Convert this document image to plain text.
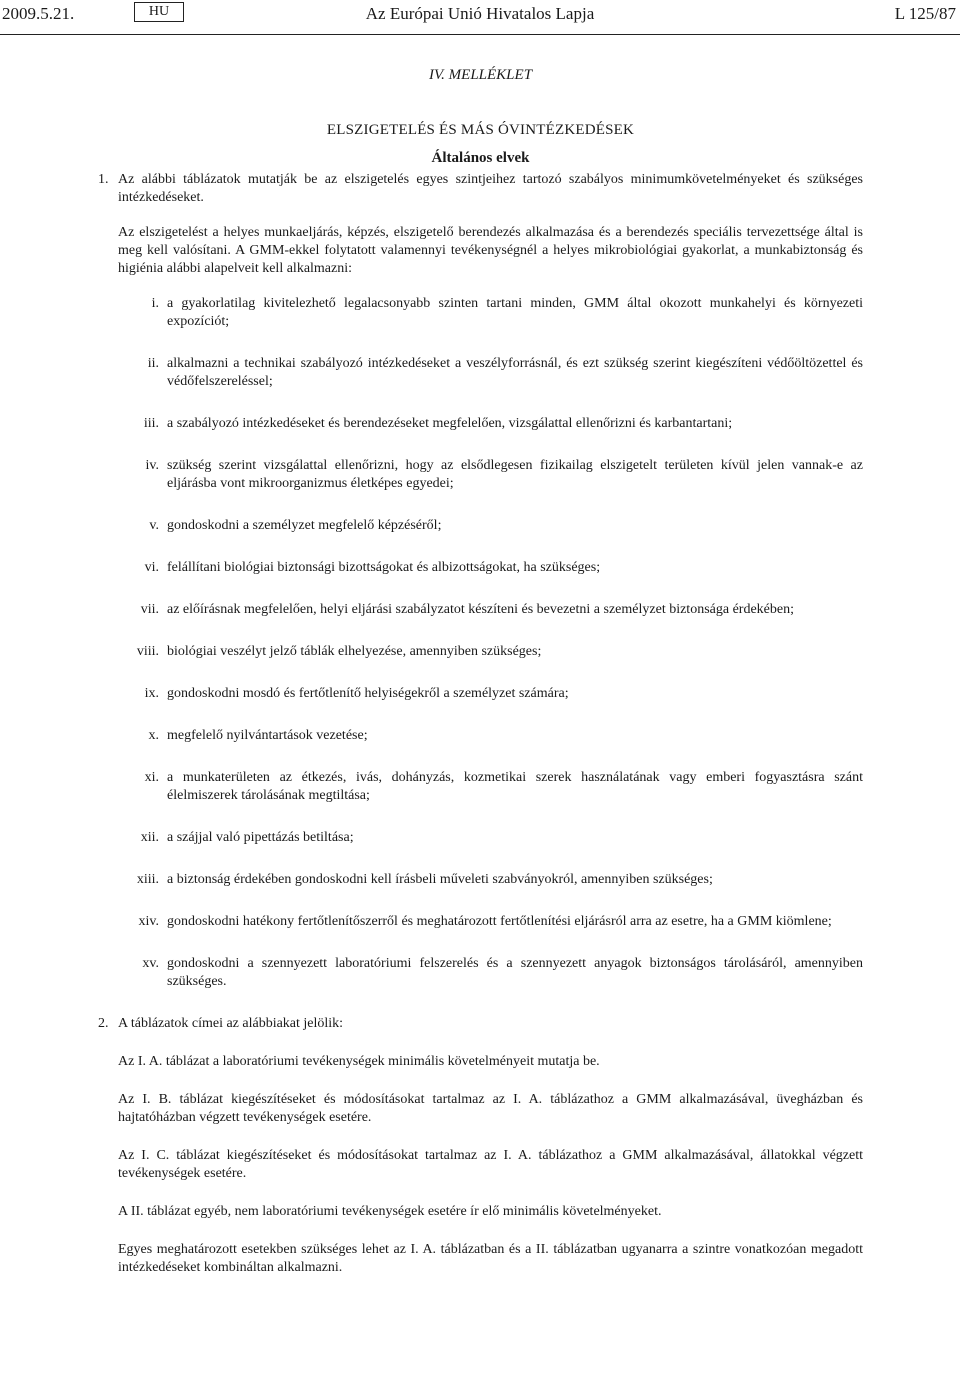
2009.5.21.	HU	Az Európai Unió Hivatalos Lapja	L 125/87
IV. MELLÉKLET
ELSZIGETELÉS ÉS MÁS ÓVINTÉZKEDÉSEK
Általános elvek
1. Az alábbi táblázatok mutatják be az elszigetelés egyes szintjeihez tartozó szabályos minimumkövetelményeket és szükséges intézkedéseket.

Az elszigetelést a helyes munkaeljárás, képzés, elszigetelő berendezés alkalmazása és a berendezés speciális tervezettsége által is meg kell valósítani. A GMM-ekkel folytatott valamennyi tevékenységnél a helyes mikrobiológiai gyakorlat, a munkabiztonság és higiénia alábbi alapelveit kell alkalmazni:

i. a gyakorlatilag kivitelezhető legalacsonyabb szinten tartani minden, GMM által okozott munkahelyi és környezeti expozíciót;
ii. alkalmazni a technikai szabályozó intézkedéseket a veszélyforrásnál, és ezt szükség szerint kiegészíteni védőöltözettel és védőfelszereléssel;
iii. a szabályozó intézkedéseket és berendezéseket megfelelően, vizsgálattal ellenőrizni és karbantartani;
iv. szükség szerint vizsgálattal ellenőrizni, hogy az elsődlegesen fizikailag elszigetelt területen kívül jelen vannak-e az eljárásba vont mikroorganizmus életképes egyedei;
v. gondoskodni a személyzet megfelelő képzéséről;
vi. felállítani biológiai biztonsági bizottságokat és albizottságokat, ha szükséges;
vii. az előírásnak megfelelően, helyi eljárási szabályzatot készíteni és bevezetni a személyzet biztonsága érdekében;
viii. biológiai veszélyt jelző táblák elhelyezése, amennyiben szükséges;
ix. gondoskodni mosdó és fertőtlenítő helyiségekről a személyzet számára;
x. megfelelő nyilvántartások vezetése;
xi. a munkaterületen az étkezés, ivás, dohányzás, kozmetikai szerek használatának vagy emberi fogyasztásra szánt élelmiszerek tárolásának megtiltása;
xii. a szájjal való pipettázás betiltása;
xiii. a biztonság érdekében gondoskodni kell írásbeli műveleti szabványokról, amennyiben szükséges;
xiv. gondoskodni hatékony fertőtlenítőszerről és meghatározott fertőtlenítési eljárásról arra az esetre, ha a GMM kiömlene;
xv. gondoskodni a szennyezett laboratóriumi felszerelés és a szennyezett anyagok biztonságos tárolásáról, amennyiben szükséges.
2. A táblázatok címei az alábbiakat jelölik:

Az I. A. táblázat a laboratóriumi tevékenységek minimális követelményeit mutatja be.

Az I. B. táblázat kiegészítéseket és módosításokat tartalmaz az I. A. táblázathoz a GMM alkalmazásával, üvegházban és hajtatóházban végzett tevékenységek esetére.

Az I. C. táblázat kiegészítéseket és módosításokat tartalmaz az I. A. táblázathoz a GMM alkalmazásával, állatokkal végzett tevékenységek esetére.

A II. táblázat egyéb, nem laboratóriumi tevékenységek esetére ír elő minimális követelményeket.

Egyes meghatározott esetekben szükséges lehet az I. A. táblázatban és a II. táblázatban ugyanarra a szintre vonatkozóan megadott intézkedéseket kombináltan alkalmazni.
